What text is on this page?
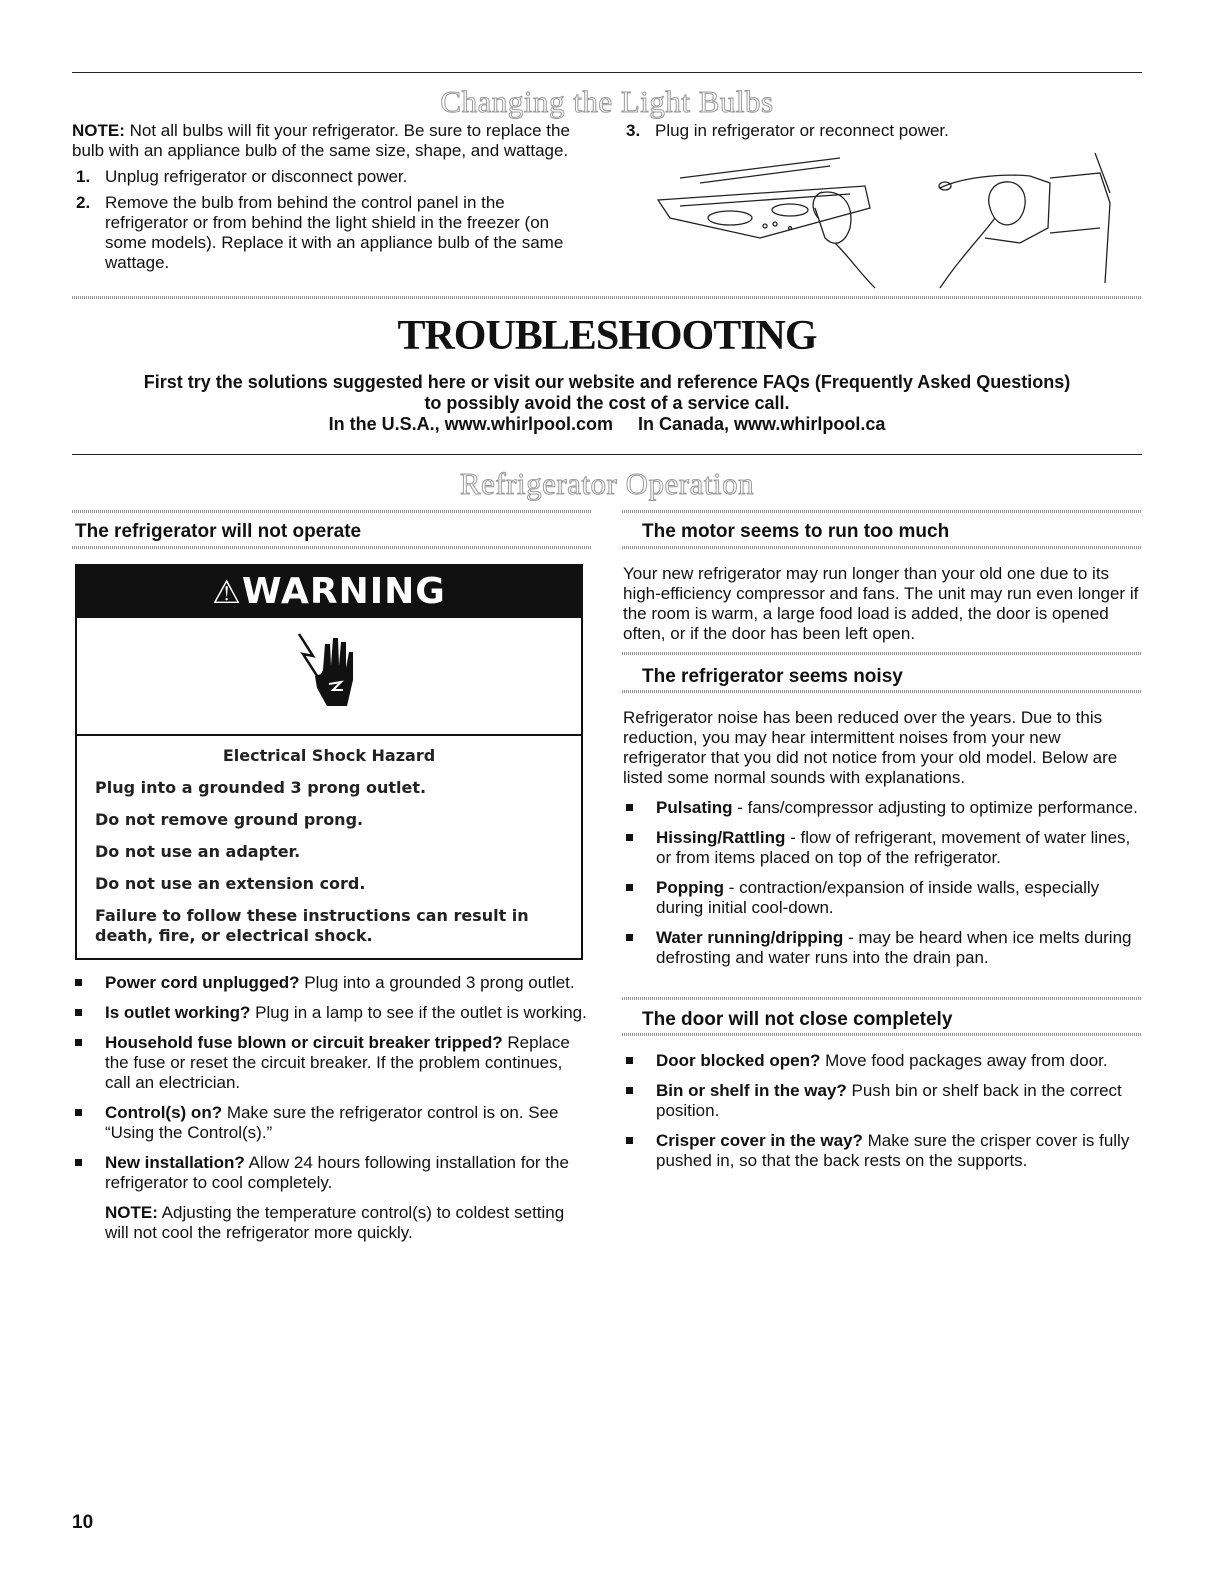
Changing the Light Bulbs
NOTE: Not all bulbs will fit your refrigerator. Be sure to replace the bulb with an appliance bulb of the same size, shape, and wattage.
1. Unplug refrigerator or disconnect power.
2. Remove the bulb from behind the control panel in the refrigerator or from behind the light shield in the freezer (on some models). Replace it with an appliance bulb of the same wattage.
3. Plug in refrigerator or reconnect power.
TROUBLESHOOTING
First try the solutions suggested here or visit our website and reference FAQs (Frequently Asked Questions)
to possibly avoid the cost of a service call.
In the U.S.A., www.whirlpool.com     In Canada, www.whirlpool.ca
Refrigerator Operation
The refrigerator will not operate
⚠WARNING

Electrical Shock Hazard

Plug into a grounded 3 prong outlet.

Do not remove ground prong.

Do not use an adapter.

Do not use an extension cord.

Failure to follow these instructions can result in death, fire, or electrical shock.

Power cord unplugged? Plug into a grounded 3 prong outlet.
Is outlet working? Plug in a lamp to see if the outlet is working.
Household fuse blown or circuit breaker tripped? Replace the fuse or reset the circuit breaker. If the problem continues, call an electrician.
Control(s) on? Make sure the refrigerator control is on. See “Using the Control(s).”
New installation? Allow 24 hours following installation for the refrigerator to cool completely.
NOTE: Adjusting the temperature control(s) to coldest setting will not cool the refrigerator more quickly.
The motor seems to run too much
Your new refrigerator may run longer than your old one due to its high-efficiency compressor and fans. The unit may run even longer if the room is warm, a large food load is added, the door is opened often, or if the door has been left open.
The refrigerator seems noisy
Refrigerator noise has been reduced over the years. Due to this reduction, you may hear intermittent noises from your new refrigerator that you did not notice from your old model. Below are listed some normal sounds with explanations.
Pulsating - fans/compressor adjusting to optimize performance.
Hissing/Rattling - flow of refrigerant, movement of water lines, or from items placed on top of the refrigerator.
Popping - contraction/expansion of inside walls, especially during initial cool-down.
Water running/dripping - may be heard when ice melts during defrosting and water runs into the drain pan.
The door will not close completely
Door blocked open? Move food packages away from door.
Bin or shelf in the way? Push bin or shelf back in the correct position.
Crisper cover in the way? Make sure the crisper cover is fully pushed in, so that the back rests on the supports.
10
